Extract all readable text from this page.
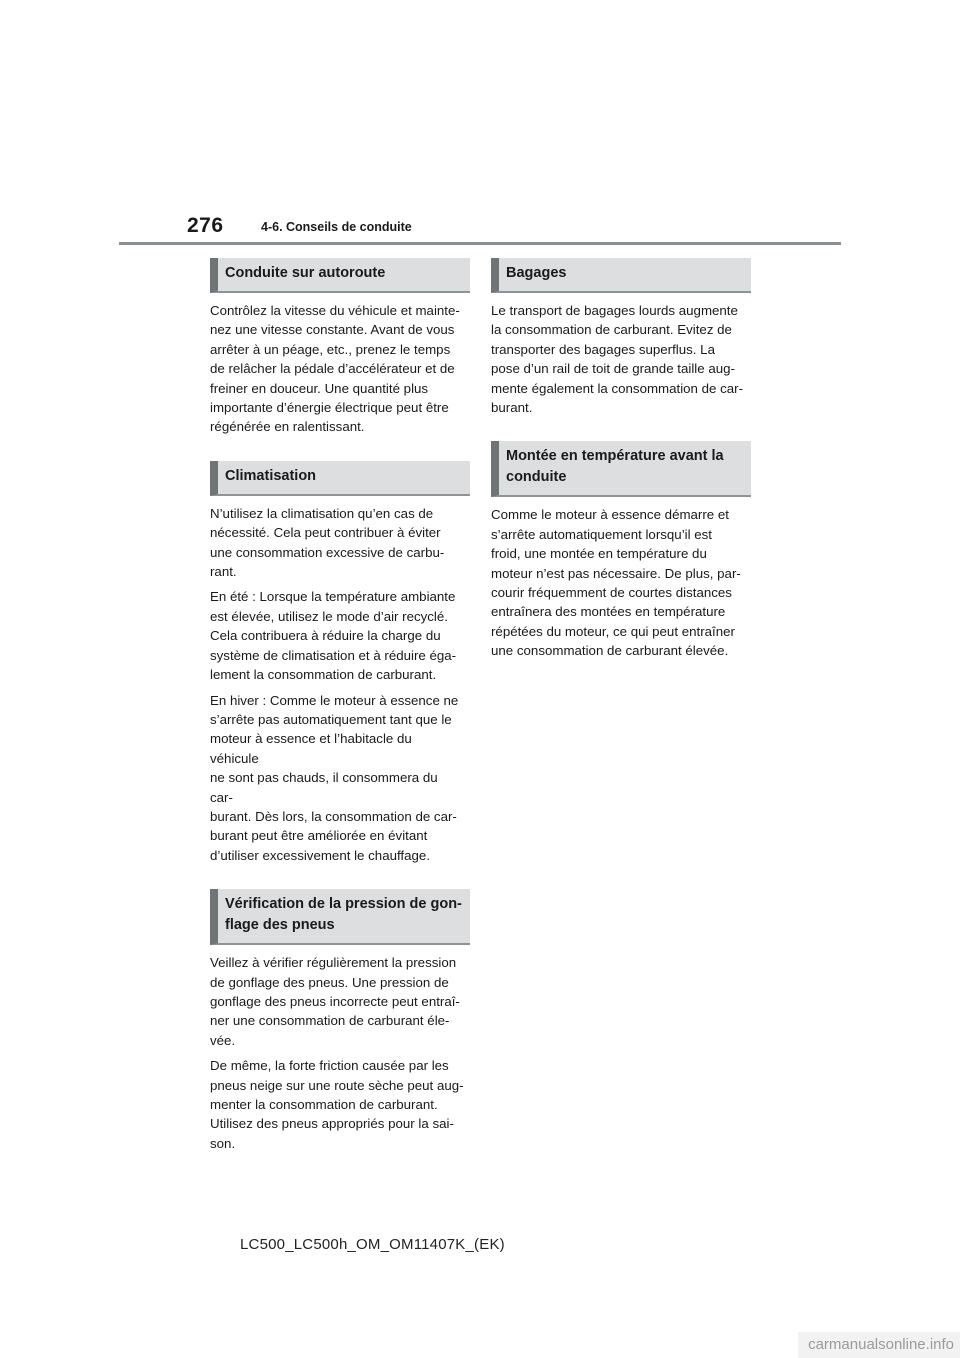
276	4-6. Conseils de conduite
Conduite sur autoroute

Contrôlez la vitesse du véhicule et mainte-
nez une vitesse constante. Avant de vous
arrêter à un péage, etc., prenez le temps
de relâcher la pédale d’accélérateur et de
freiner en douceur. Une quantité plus
importante d’énergie électrique peut être
régénérée en ralentissant.

Climatisation

N’utilisez la climatisation qu’en cas de
nécessité. Cela peut contribuer à éviter
une consommation excessive de carbu-
rant.

En été : Lorsque la température ambiante
est élevée, utilisez le mode d’air recyclé.
Cela contribuera à réduire la charge du
système de climatisation et à réduire éga-
lement la consommation de carburant.

En hiver : Comme le moteur à essence ne
s’arrête pas automatiquement tant que le
moteur à essence et l’habitacle du véhicule
ne sont pas chauds, il consommera du car-
burant. Dès lors, la consommation de car-
burant peut être améliorée en évitant
d’utiliser excessivement le chauffage.

Vérification de la pression de gon-
flage des pneus

Veillez à vérifier régulièrement la pression
de gonflage des pneus. Une pression de
gonflage des pneus incorrecte peut entraî-
ner une consommation de carburant éle-
vée.

De même, la forte friction causée par les
pneus neige sur une route sèche peut aug-
menter la consommation de carburant.
Utilisez des pneus appropriés pour la sai-
son.

Bagages

Le transport de bagages lourds augmente
la consommation de carburant. Evitez de
transporter des bagages superflus. La
pose d’un rail de toit de grande taille aug-
mente également la consommation de car-
burant.

Montée en température avant la
conduite

Comme le moteur à essence démarre et
s’arrête automatiquement lorsqu’il est
froid, une montée en température du
moteur n’est pas nécessaire. De plus, par-
courir fréquemment de courtes distances
entraînera des montées en température
répétées du moteur, ce qui peut entraîner
une consommation de carburant élevée.

LC500_LC500h_OM_OM11407K_(EK)
carmanualsonline.info
